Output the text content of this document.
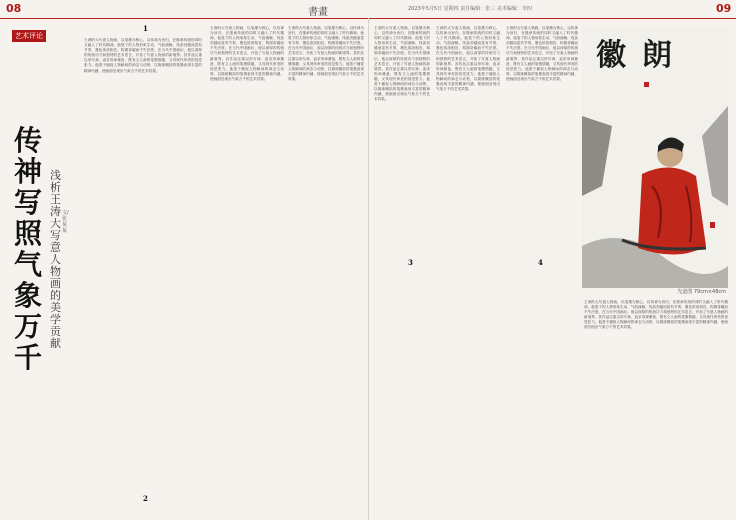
08	書畫	2023年5月5日 星期四 责任编辑：张三 美术编辑：李四	09
艺术评论
传神写照 气象万千
浅析王涛大写意人物画的美学贡献
文/张某某
王涛的大写意人物画，以笔墨为核心，以传神为旨归，在继承传统的同时又融入了时代精神。他笔下的人物形象生动，气韵流畅，线条劲健而富有节奏，墨色浓淡相宜，构图奇崛而不失法度。在当代中国画坛，他以深厚的传统功力和独特的艺术语言，开拓了写意人物画的新境界。其作品注重以形写神，追求形神兼备，既有文人画的笔墨情趣，又具现代审美的视觉张力。他善于捕捉人物瞬间的神态与动势，以简练概括的笔墨表现丰富的精神内涵，使画面呈现出气象万千的艺术效果。
1	王涛的大写意人物画，以笔墨为核心，以传神为旨归，在继承传统的同时又融入了时代精神。他笔下的人物形象生动，气韵流畅，线条劲健而富有节奏，墨色浓淡相宜，构图奇崛而不失法度。在当代中国画坛，他以深厚的传统功力和独特的艺术语言，开拓了写意人物画的新境界。其作品注重以形写神，追求形神兼备，既有文人画的笔墨情趣，又具现代审美的视觉张力。他善于捕捉人物瞬间的神态与动势，以简练概括的笔墨表现丰富的精神内涵，使画面呈现出气象万千的艺术效果。
王涛的大写意人物画，以笔墨为核心，以传神为旨归，在继承传统的同时又融入了时代精神。他笔下的人物形象生动，气韵流畅，线条劲健而富有节奏，墨色浓淡相宜，构图奇崛而不失法度。在当代中国画坛，他以深厚的传统功力和独特的艺术语言，开拓了写意人物画的新境界。其作品注重以形写神，追求形神兼备，既有文人画的笔墨情趣，又具现代审美的视觉张力。他善于捕捉人物瞬间的神态与动势，以简练概括的笔墨表现丰富的精神内涵，使画面呈现出气象万千的艺术效果。
2
王涛的大写意人物画，以笔墨为核心，以传神为旨归，在继承传统的同时又融入了时代精神。他笔下的人物形象生动，气韵流畅，线条劲健而富有节奏，墨色浓淡相宜，构图奇崛而不失法度。在当代中国画坛，他以深厚的传统功力和独特的艺术语言，开拓了写意人物画的新境界。其作品注重以形写神，追求形神兼备，既有文人画的笔墨情趣，又具现代审美的视觉张力。他善于捕捉人物瞬间的神态与动势，以简练概括的笔墨表现丰富的精神内涵，使画面呈现出气象万千的艺术效果。
3
王涛的大写意人物画，以笔墨为核心，以传神为旨归，在继承传统的同时又融入了时代精神。他笔下的人物形象生动，气韵流畅，线条劲健而富有节奏，墨色浓淡相宜，构图奇崛而不失法度。在当代中国画坛，他以深厚的传统功力和独特的艺术语言，开拓了写意人物画的新境界。其作品注重以形写神，追求形神兼备，既有文人画的笔墨情趣，又具现代审美的视觉张力。他善于捕捉人物瞬间的神态与动势，以简练概括的笔墨表现丰富的精神内涵，使画面呈现出气象万千的艺术效果。
4
王涛的大写意人物画，以笔墨为核心，以传神为旨归，在继承传统的同时又融入了时代精神。他笔下的人物形象生动，气韵流畅，线条劲健而富有节奏，墨色浓淡相宜，构图奇崛而不失法度。在当代中国画坛，他以深厚的传统功力和独特的艺术语言，开拓了写意人物画的新境界。其作品注重以形写神，追求形神兼备，既有文人画的笔墨情趣，又具现代审美的视觉张力。他善于捕捉人物瞬间的神态与动势，以简练概括的笔墨表现丰富的精神内涵，使画面呈现出气象万千的艺术效果。
王涛的大写意人物画，以笔墨为核心，以传神为旨归，在继承传统的同时又融入了时代精神。他笔下的人物形象生动，气韵流畅，线条劲健而富有节奏，墨色浓淡相宜，构图奇崛而不失法度。在当代中国画坛，他以深厚的传统功力和独特的艺术语言，开拓了写意人物画的新境界。其作品注重以形写神，追求形神兼备，既有文人画的笔墨情趣，又具现代审美的视觉张力。他善于捕捉人物瞬间的神态与动势，以简练概括的笔墨表现丰富的精神内涵，使画面呈现出气象万千的艺术效果。
徽朗
光道图 79cm×48cm
